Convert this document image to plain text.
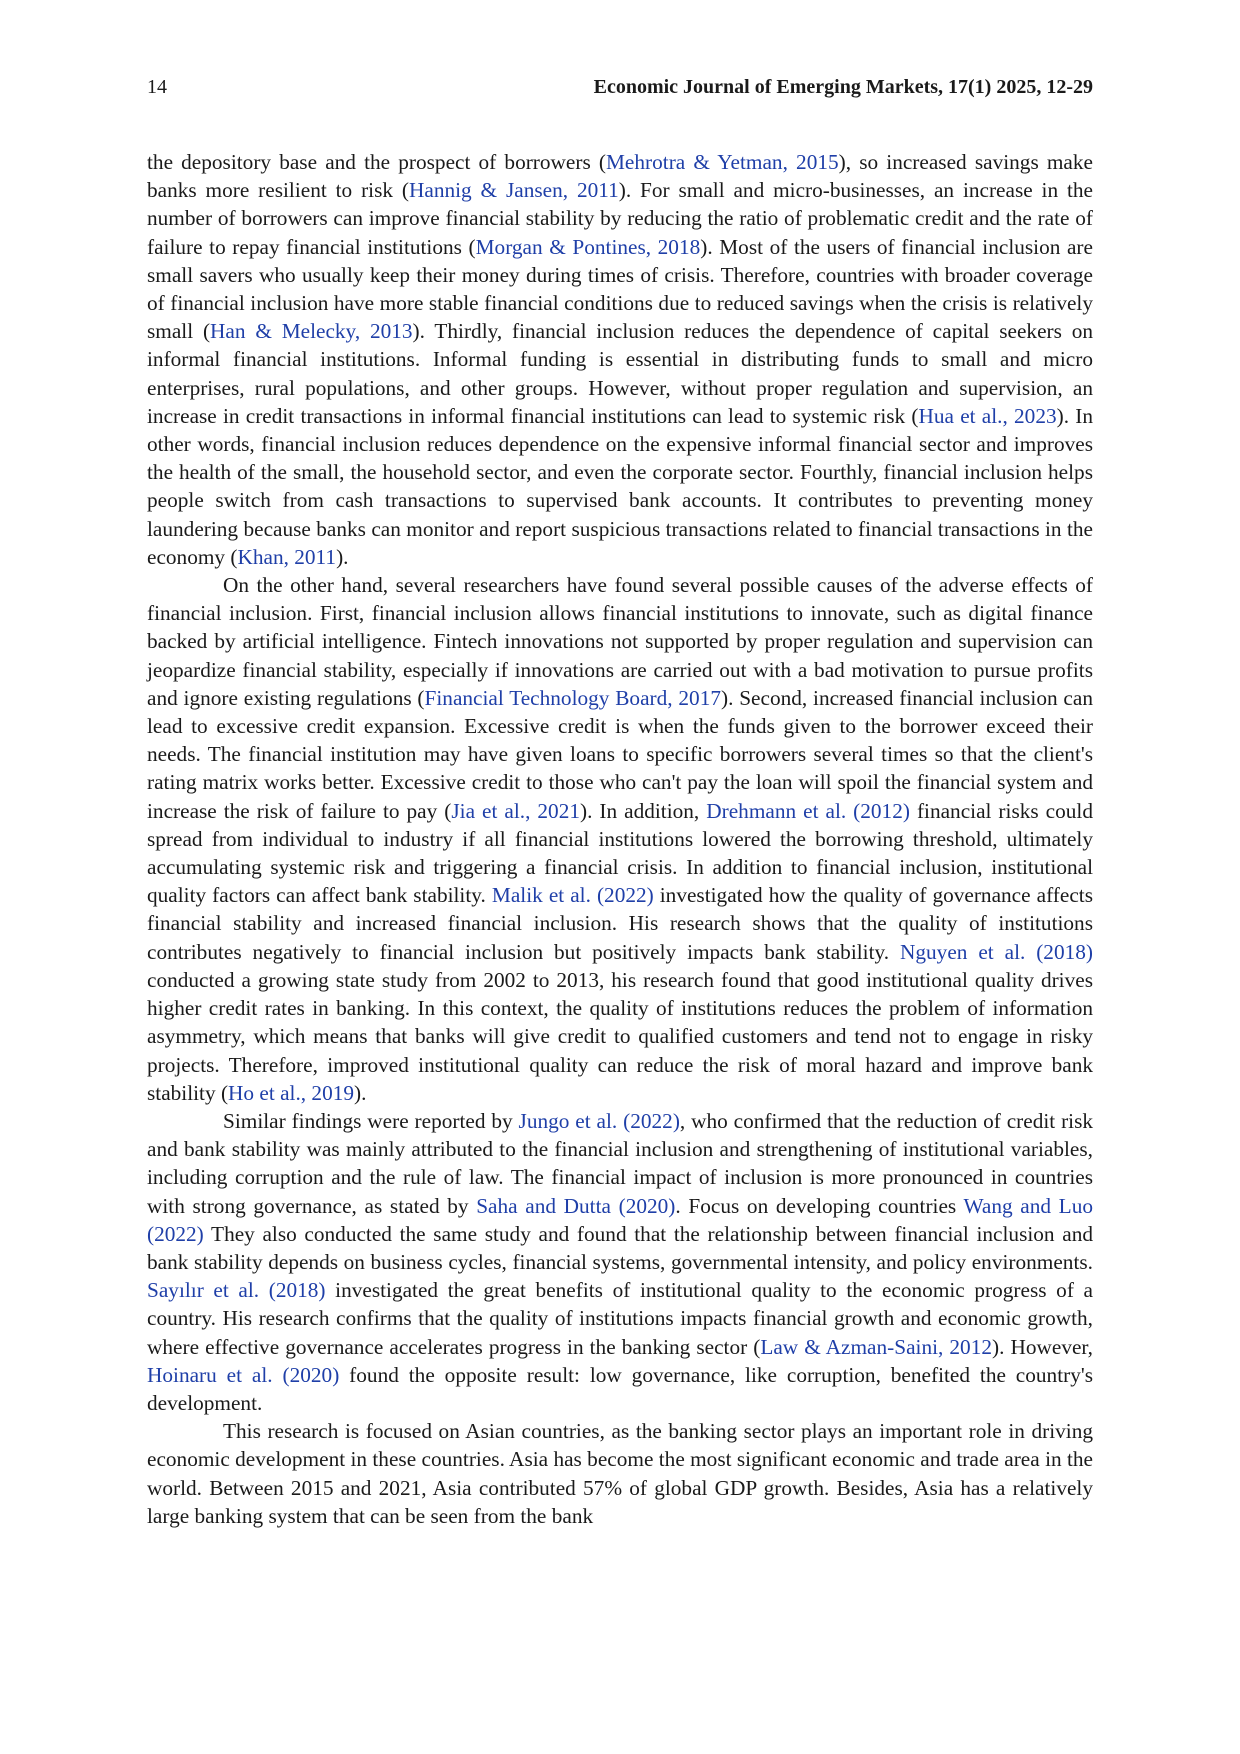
14	Economic Journal of Emerging Markets, 17(1) 2025, 12-29

the depository base and the prospect of borrowers (Mehrotra & Yetman, 2015), so increased savings make banks more resilient to risk (Hannig & Jansen, 2011). For small and micro-businesses, an increase in the number of borrowers can improve financial stability by reducing the ratio of problematic credit and the rate of failure to repay financial institutions (Morgan & Pontines, 2018). Most of the users of financial inclusion are small savers who usually keep their money during times of crisis. Therefore, countries with broader coverage of financial inclusion have more stable financial conditions due to reduced savings when the crisis is relatively small (Han & Melecky, 2013). Thirdly, financial inclusion reduces the dependence of capital seekers on informal financial institutions. Informal funding is essential in distributing funds to small and micro enterprises, rural populations, and other groups. However, without proper regulation and supervision, an increase in credit transactions in informal financial institutions can lead to systemic risk (Hua et al., 2023). In other words, financial inclusion reduces dependence on the expensive informal financial sector and improves the health of the small, the household sector, and even the corporate sector. Fourthly, financial inclusion helps people switch from cash transactions to supervised bank accounts. It contributes to preventing money laundering because banks can monitor and report suspicious transactions related to financial transactions in the economy (Khan, 2011).

On the other hand, several researchers have found several possible causes of the adverse effects of financial inclusion. First, financial inclusion allows financial institutions to innovate, such as digital finance backed by artificial intelligence. Fintech innovations not supported by proper regulation and supervision can jeopardize financial stability, especially if innovations are carried out with a bad motivation to pursue profits and ignore existing regulations (Financial Technology Board, 2017). Second, increased financial inclusion can lead to excessive credit expansion. Excessive credit is when the funds given to the borrower exceed their needs. The financial institution may have given loans to specific borrowers several times so that the client's rating matrix works better. Excessive credit to those who can't pay the loan will spoil the financial system and increase the risk of failure to pay (Jia et al., 2021). In addition, Drehmann et al. (2012) financial risks could spread from individual to industry if all financial institutions lowered the borrowing threshold, ultimately accumulating systemic risk and triggering a financial crisis. In addition to financial inclusion, institutional quality factors can affect bank stability. Malik et al. (2022) investigated how the quality of governance affects financial stability and increased financial inclusion. His research shows that the quality of institutions contributes negatively to financial inclusion but positively impacts bank stability. Nguyen et al. (2018) conducted a growing state study from 2002 to 2013, his research found that good institutional quality drives higher credit rates in banking. In this context, the quality of institutions reduces the problem of information asymmetry, which means that banks will give credit to qualified customers and tend not to engage in risky projects. Therefore, improved institutional quality can reduce the risk of moral hazard and improve bank stability (Ho et al., 2019).

Similar findings were reported by Jungo et al. (2022), who confirmed that the reduction of credit risk and bank stability was mainly attributed to the financial inclusion and strengthening of institutional variables, including corruption and the rule of law. The financial impact of inclusion is more pronounced in countries with strong governance, as stated by Saha and Dutta (2020). Focus on developing countries Wang and Luo (2022) They also conducted the same study and found that the relationship between financial inclusion and bank stability depends on business cycles, financial systems, governmental intensity, and policy environments. Sayılır et al. (2018) investigated the great benefits of institutional quality to the economic progress of a country. His research confirms that the quality of institutions impacts financial growth and economic growth, where effective governance accelerates progress in the banking sector (Law & Azman-Saini, 2012). However, Hoinaru et al. (2020) found the opposite result: low governance, like corruption, benefited the country's development.

This research is focused on Asian countries, as the banking sector plays an important role in driving economic development in these countries. Asia has become the most significant economic and trade area in the world. Between 2015 and 2021, Asia contributed 57% of global GDP growth. Besides, Asia has a relatively large banking system that can be seen from the bank
